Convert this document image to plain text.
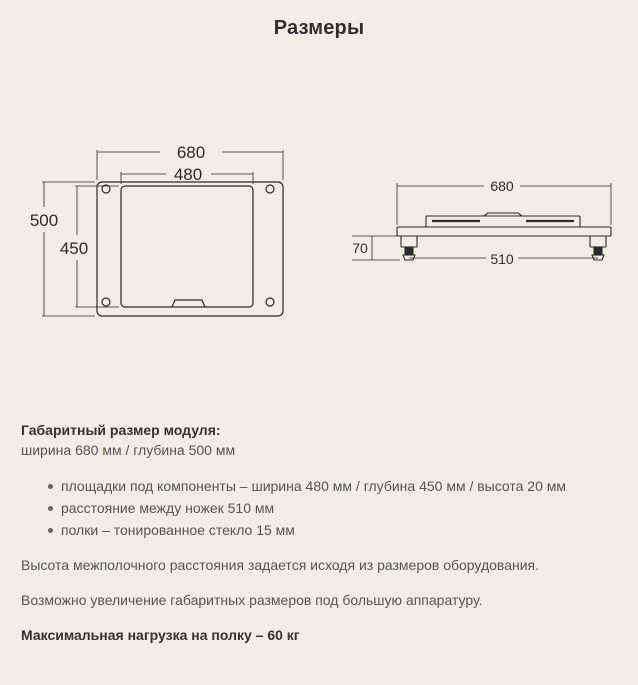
Размеры
680
480
500
450
680
70
510

Габаритный размер модуля:

ширина 680 мм / глубина 500 мм

площадки под компоненты – ширина 480 мм / глубина 450 мм / высота 20 мм
расстояние между ножек 510 мм
полки – тонированное стекло 15 мм

Высота межполочного расстояния задается исходя из размеров оборудования.

Возможно увеличение габаритных размеров под большую аппаратуру.

Максимальная нагрузка на полку – 60 кг
